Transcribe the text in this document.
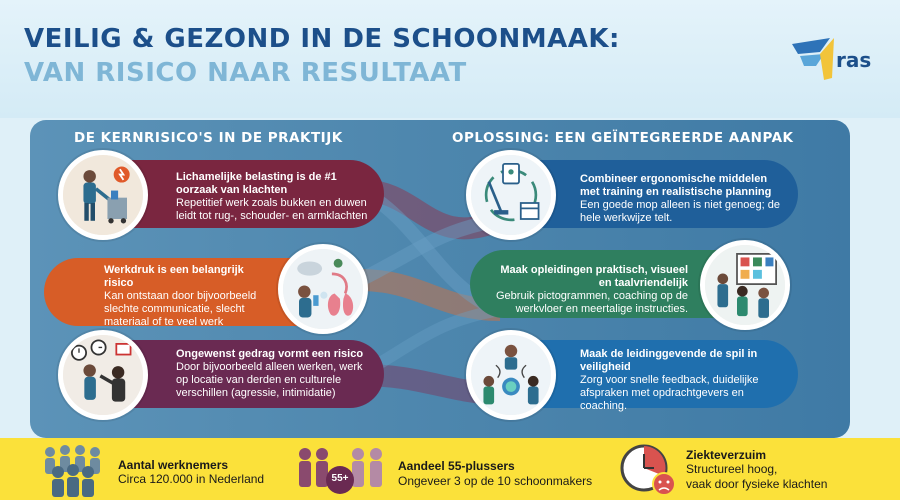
VEILIG & GEZOND IN DE SCHOONMAAK:
VAN RISICO NAAR RESULTAAT	ras
DE KERNRISICO'S IN DE PRAKTIJK	OPLOSSING: EEN GEÏNTEGREERDE AANPAK
Lichamelijke belasting is de #1 oorzaak van klachten
Repetitief werk zoals bukken en duwen leidt tot rug-, schouder- en armklachten
Werkdruk is een belangrijk risico
Kan ontstaan door bijvoorbeeld slechte communicatie, slecht materiaal of te veel werk
Ongewenst gedrag vormt een risico
Door bijvoorbeeld alleen werken, werk op locatie van derden en culturele verschillen (agressie, intimidatie)
Combineer ergonomische middelen met training en realistische planning
Een goede mop alleen is niet genoeg; de hele werkwijze telt.
Maak opleidingen praktisch, visueel en taalvriendelijk
Gebruik pictogrammen, coaching op de werkvloer en meertalige instructies.
Maak de leidinggevende de spil in veiligheid
Zorg voor snelle feedback, duidelijke afspraken met opdrachtgevers en coaching.
Aantal werknemers
Circa 120.000 in Nederland	55+
Aandeel 55-plussers
Ongeveer 3 op de 10 schoonmakers
Ziekteverzuim
Structureel hoog,
vaak door fysieke klachten
